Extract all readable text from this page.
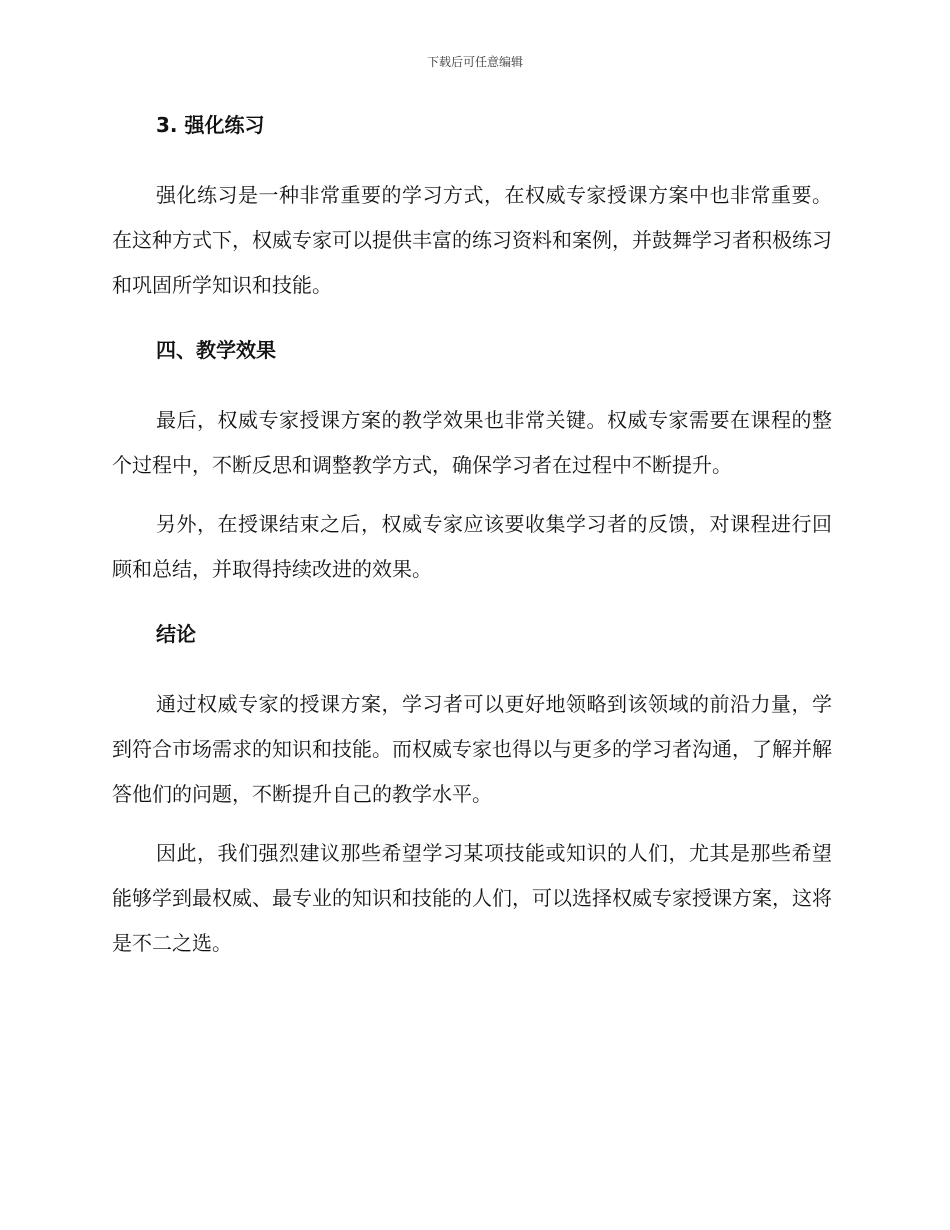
下载后可任意编辑
3. 强化练习

强化练习是一种非常重要的学习方式，在权威专家授课方案中也非常重要。在这种方式下，权威专家可以提供丰富的练习资料和案例，并鼓舞学习者积极练习和巩固所学知识和技能。

四、教学效果

最后，权威专家授课方案的教学效果也非常关键。权威专家需要在课程的整个过程中，不断反思和调整教学方式，确保学习者在过程中不断提升。

另外，在授课结束之后，权威专家应该要收集学习者的反馈，对课程进行回顾和总结，并取得持续改进的效果。

结论

通过权威专家的授课方案，学习者可以更好地领略到该领域的前沿力量，学到符合市场需求的知识和技能。而权威专家也得以与更多的学习者沟通，了解并解答他们的问题，不断提升自己的教学水平。

因此，我们强烈建议那些希望学习某项技能或知识的人们，尤其是那些希望能够学到最权威、最专业的知识和技能的人们，可以选择权威专家授课方案，这将是不二之选。
